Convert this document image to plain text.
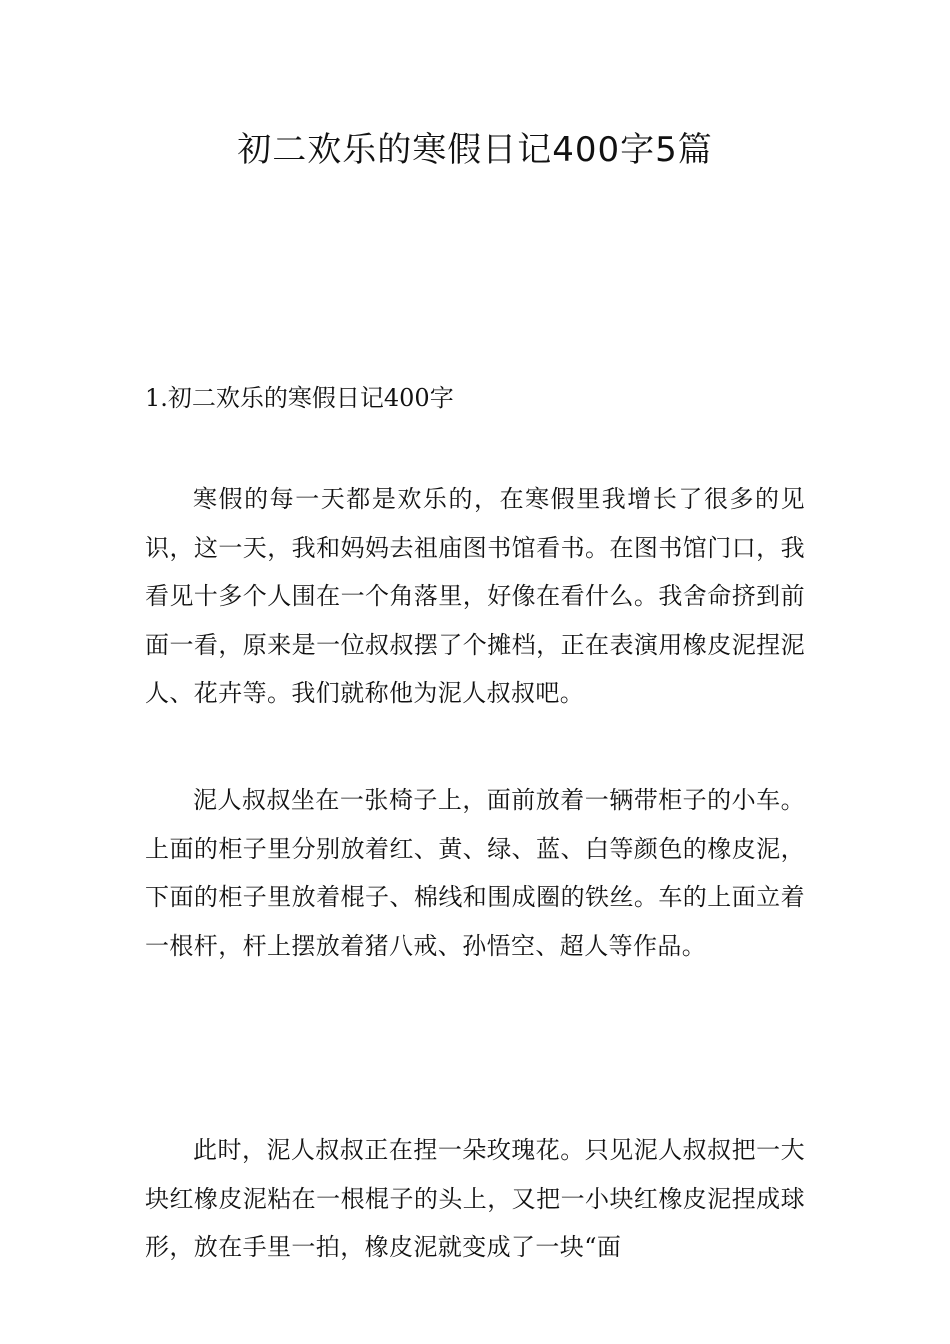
初二欢乐的寒假日记400字5篇
1.初二欢乐的寒假日记400字

寒假的每一天都是欢乐的，在寒假里我增长了很多的见识，这一天，我和妈妈去祖庙图书馆看书。在图书馆门口，我看见十多个人围在一个角落里，好像在看什么。我舍命挤到前面一看，原来是一位叔叔摆了个摊档，正在表演用橡皮泥捏泥人、花卉等。我们就称他为泥人叔叔吧。

泥人叔叔坐在一张椅子上，面前放着一辆带柜子的小车。上面的柜子里分别放着红、黄、绿、蓝、白等颜色的橡皮泥，下面的柜子里放着棍子、棉线和围成圈的铁丝。车的上面立着一根杆，杆上摆放着猪八戒、孙悟空、超人等作品。

此时，泥人叔叔正在捏一朵玫瑰花。只见泥人叔叔把一大块红橡皮泥粘在一根棍子的头上，又把一小块红橡皮泥捏成球形，放在手里一拍，橡皮泥就变成了一块“面
